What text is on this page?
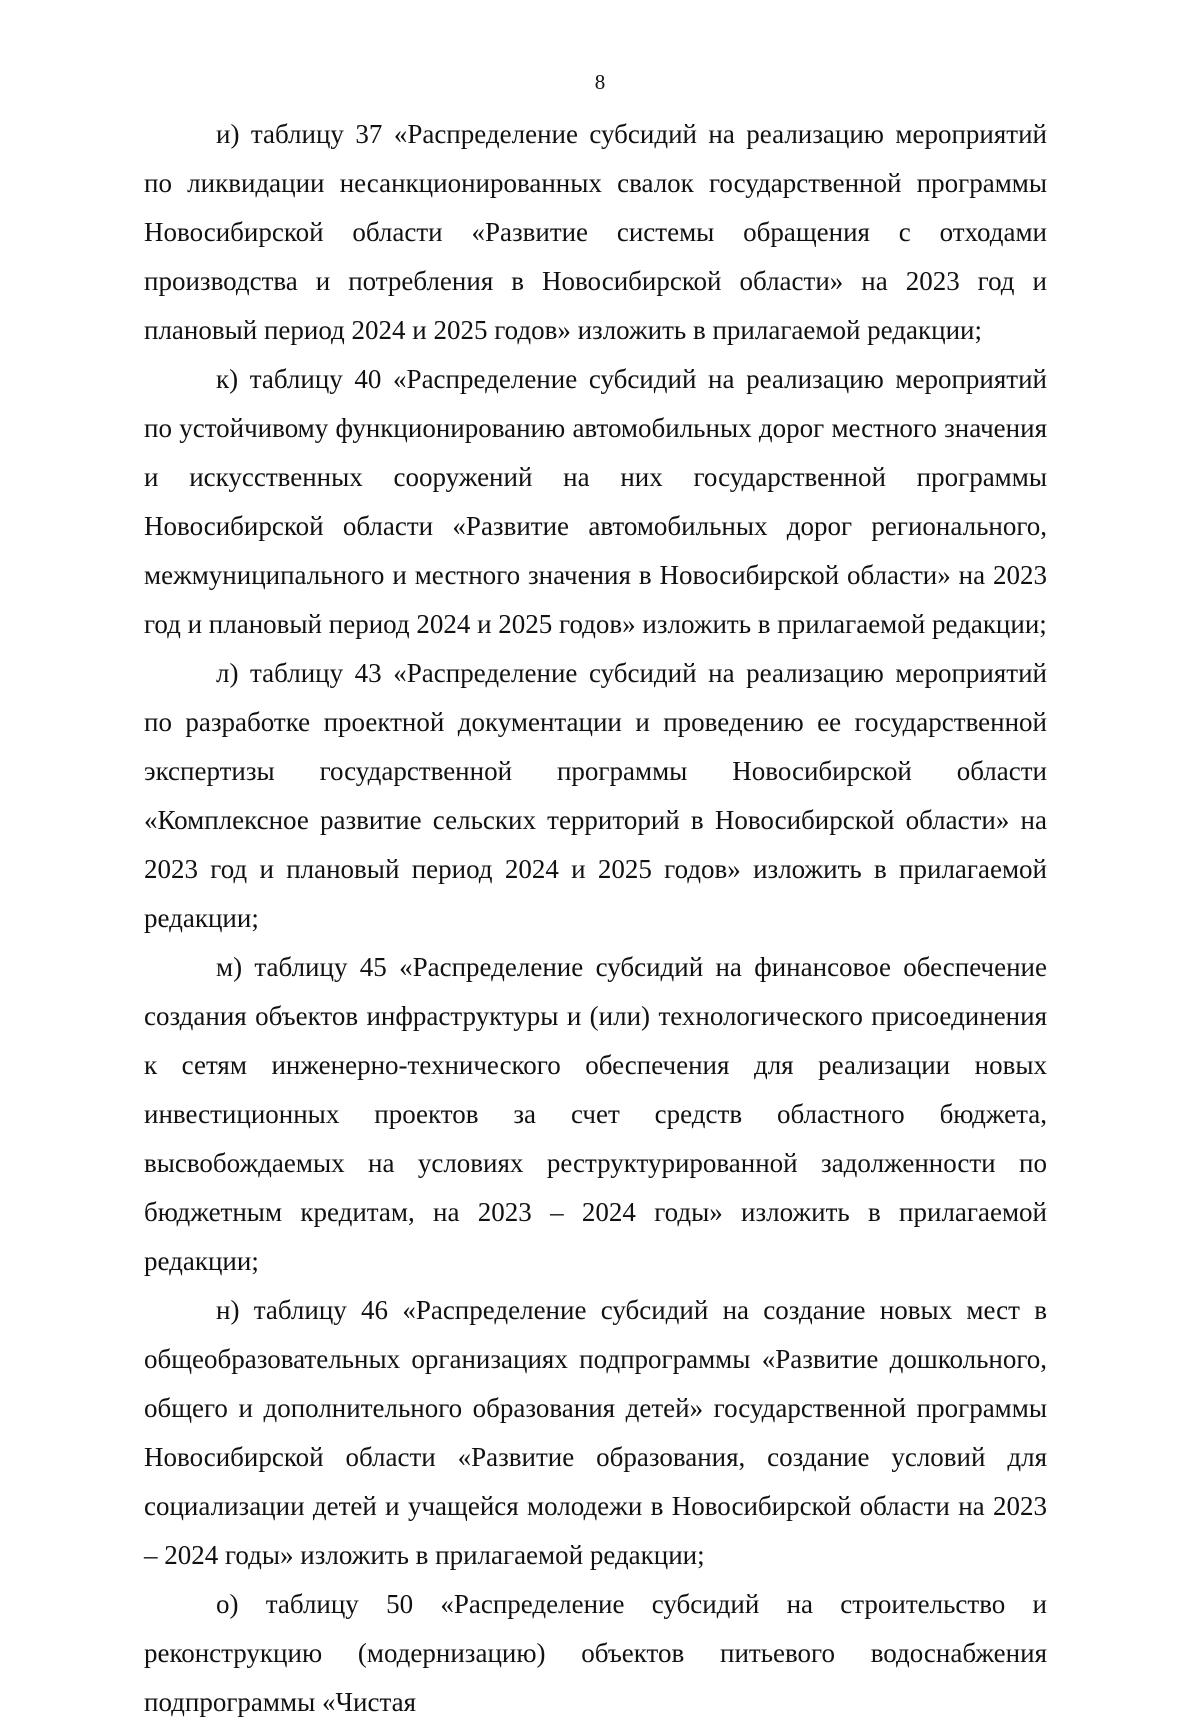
8

и) таблицу 37 «Распределение субсидий на реализацию мероприятий по ликвидации несанкционированных свалок государственной программы Новосибирской области «Развитие системы обращения с отходами производства и потребления в Новосибирской области» на 2023 год и плановый период 2024 и 2025 годов» изложить в прилагаемой редакции;

к) таблицу 40 «Распределение субсидий на реализацию мероприятий по устойчивому функционированию автомобильных дорог местного значения и искусственных сооружений на них государственной программы Новосибирской области «Развитие автомобильных дорог регионального, межмуниципального и местного значения в Новосибирской области» на 2023 год и плановый период 2024 и 2025 годов» изложить в прилагаемой редакции;

л) таблицу 43 «Распределение субсидий на реализацию мероприятий по разработке проектной документации и проведению ее государственной экспертизы государственной программы Новосибирской области «Комплексное развитие сельских территорий в Новосибирской области» на 2023 год и плановый период 2024 и 2025 годов» изложить в прилагаемой редакции;

м) таблицу 45 «Распределение субсидий на финансовое обеспечение создания объектов инфраструктуры и (или) технологического присоединения к сетям инженерно-технического обеспечения для реализации новых инвестиционных проектов за счет средств областного бюджета, высвобождаемых на условиях реструктурированной задолженности по бюджетным кредитам, на 2023 – 2024 годы» изложить в прилагаемой редакции;

н) таблицу 46 «Распределение субсидий на создание новых мест в общеобразовательных организациях подпрограммы «Развитие дошкольного, общего и дополнительного образования детей» государственной программы Новосибирской области «Развитие образования, создание условий для социализации детей и учащейся молодежи в Новосибирской области на 2023 – 2024 годы» изложить в прилагаемой редакции;

о) таблицу 50 «Распределение субсидий на строительство и реконструкцию (модернизацию) объектов питьевого водоснабжения подпрограммы «Чистая
